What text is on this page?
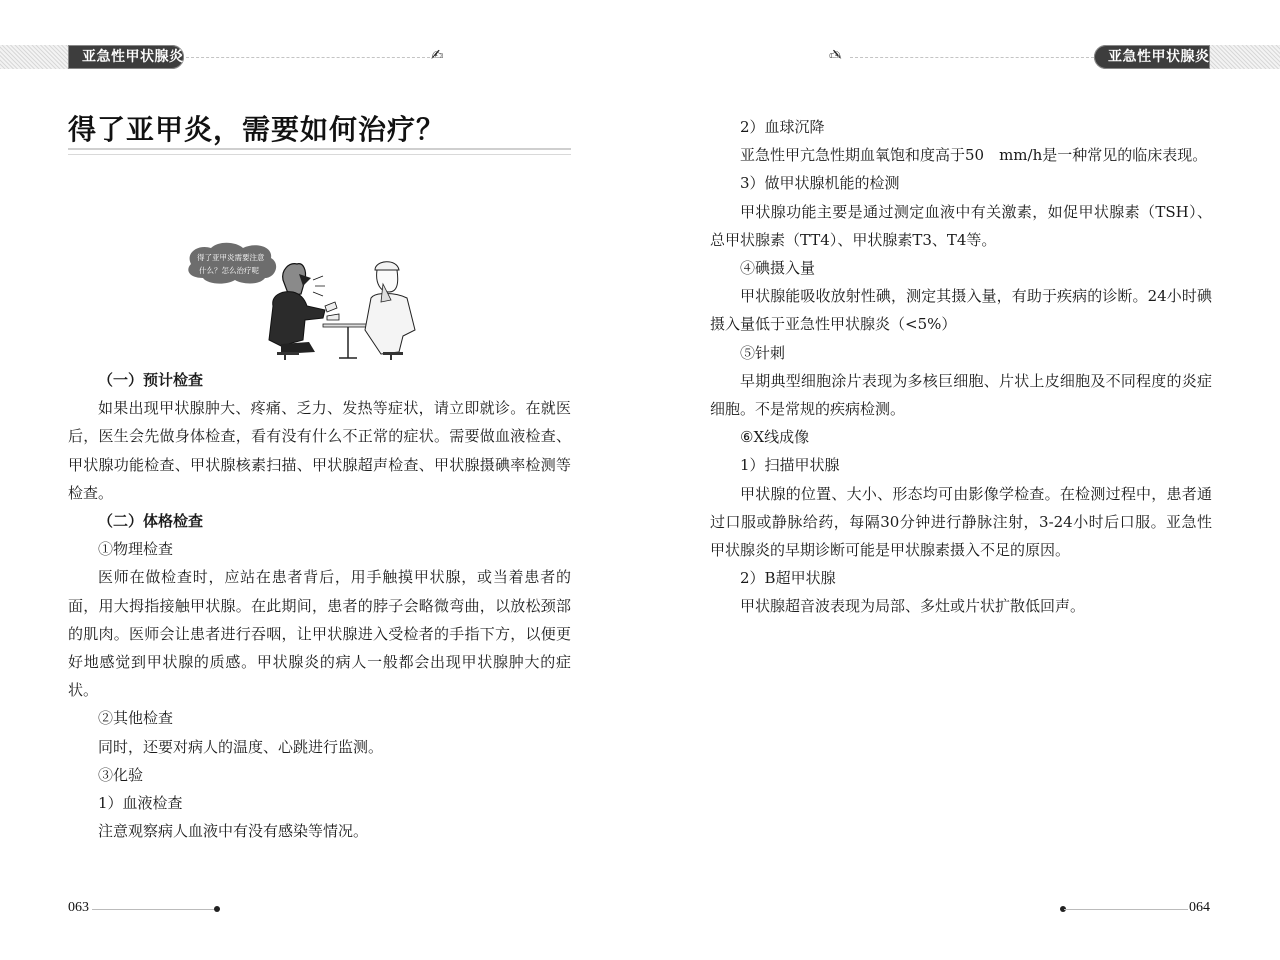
亚急性甲状腺炎	✍
得了亚甲炎，需要如何治疗？
得了亚甲炎需要注意
什么？怎么治疗呢

（一）预计检查

如果出现甲状腺肿大、疼痛、乏力、发热等症状，请立即就诊。在就医后，医生会先做身体检查，看有没有什么不正常的症状。需要做血液检查、甲状腺功能检查、甲状腺核素扫描、甲状腺超声检查、甲状腺摄碘率检测等检查。

（二）体格检查

①物理检查

医师在做检查时，应站在患者背后，用手触摸甲状腺，或当着患者的面，用大拇指接触甲状腺。在此期间，患者的脖子会略微弯曲，以放松颈部的肌肉。医师会让患者进行吞咽，让甲状腺进入受检者的手指下方，以便更好地感觉到甲状腺的质感。甲状腺炎的病人一般都会出现甲状腺肿大的症状。

②其他检查

同时，还要对病人的温度、心跳进行监测。

③化验

1）血液检查

注意观察病人血液中有没有感染等情况。

063
✍	亚急性甲状腺炎

2）血球沉降

亚急性甲亢急性期血氧饱和度高于50　mm/h是一种常见的临床表现。

3）做甲状腺机能的检测

甲状腺功能主要是通过测定血液中有关激素，如促甲状腺素（TSH）、总甲状腺素（TT4）、甲状腺素T3、T4等。

④碘摄入量

甲状腺能吸收放射性碘，测定其摄入量，有助于疾病的诊断。24小时碘摄入量低于亚急性甲状腺炎（<5%）

⑤针刺

早期典型细胞涂片表现为多核巨细胞、片状上皮细胞及不同程度的炎症细胞。不是常规的疾病检测。

⑥X线成像

1）扫描甲状腺

甲状腺的位置、大小、形态均可由影像学检查。在检测过程中，患者通过口服或静脉给药，每隔30分钟进行静脉注射，3-24小时后口服。亚急性甲状腺炎的早期诊断可能是甲状腺素摄入不足的原因。

2）B超甲状腺

甲状腺超音波表现为局部、多灶或片状扩散低回声。

064
